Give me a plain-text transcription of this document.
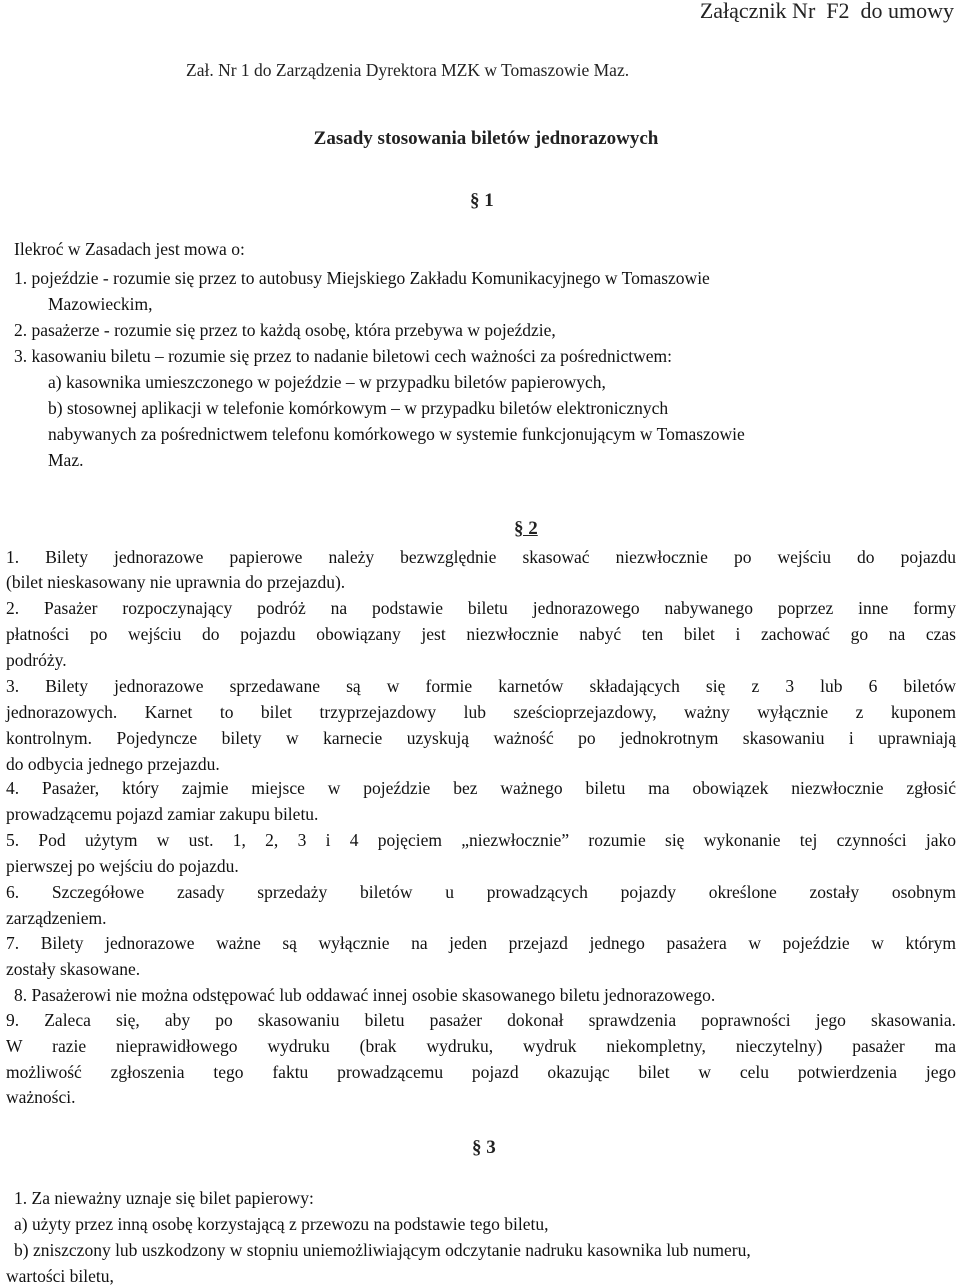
Załącznik Nr  F2  do umowy
Zał. Nr 1 do Zarządzenia Dyrektora MZK w Tomaszowie Maz.
Zasady stosowania biletów jednorazowych
§ 1
Ilekroć w Zasadach jest mowa o:
1. pojeździe - rozumie się przez to autobusy Miejskiego Zakładu Komunikacyjnego w Tomaszowie
Mazowieckim,
2. pasażerze - rozumie się przez to każdą osobę, która przebywa w pojeździe,
3. kasowaniu biletu – rozumie się przez to nadanie biletowi cech ważności za pośrednictwem:
a) kasownika umieszczonego w pojeździe – w przypadku biletów papierowych,
b) stosownej aplikacji w telefonie komórkowym – w przypadku biletów elektronicznych
nabywanych za pośrednictwem telefonu komórkowego w systemie funkcjonującym w Tomaszowie
Maz.
§ 2
1. Bilety jednorazowe papierowe należy bezwzględnie skasować niezwłocznie po wejściu do pojazdu
(bilet nieskasowany nie uprawnia do przejazdu).
2. Pasażer rozpoczynający podróż na podstawie biletu jednorazowego nabywanego poprzez inne formy
płatności po wejściu do pojazdu obowiązany jest niezwłocznie nabyć ten bilet i zachować go na czas
podróży.
3. Bilety jednorazowe sprzedawane są w formie karnetów składających się z 3 lub 6 biletów
jednorazowych. Karnet to bilet trzyprzejazdowy lub sześcioprzejazdowy, ważny wyłącznie z kuponem
kontrolnym. Pojedyncze bilety w karnecie uzyskują ważność po jednokrotnym skasowaniu i uprawniają
do odbycia jednego przejazdu.
4. Pasażer, który zajmie miejsce w pojeździe bez ważnego biletu ma obowiązek niezwłocznie zgłosić
prowadzącemu pojazd zamiar zakupu biletu.
5. Pod użytym w ust. 1, 2, 3 i 4 pojęciem „niezwłocznie” rozumie się wykonanie tej czynności jako
pierwszej po wejściu do pojazdu.
6. Szczegółowe zasady sprzedaży biletów u prowadzących pojazdy określone zostały osobnym
zarządzeniem.
7. Bilety jednorazowe ważne są wyłącznie na jeden przejazd jednego pasażera w pojeździe w którym
zostały skasowane.
8. Pasażerowi nie można odstępować lub oddawać innej osobie skasowanego biletu jednorazowego.
9. Zaleca się, aby po skasowaniu biletu pasażer dokonał sprawdzenia poprawności jego skasowania.
W razie nieprawidłowego wydruku (brak wydruku, wydruk niekompletny, nieczytelny) pasażer ma
możliwość zgłoszenia tego faktu prowadzącemu pojazd okazując bilet w celu potwierdzenia jego
ważności.
§ 3
1. Za nieważny uznaje się bilet papierowy:
a) użyty przez inną osobę korzystającą z przewozu na podstawie tego biletu,
b) zniszczony lub uszkodzony w stopniu uniemożliwiającym odczytanie nadruku kasownika lub numeru,
wartości biletu,
